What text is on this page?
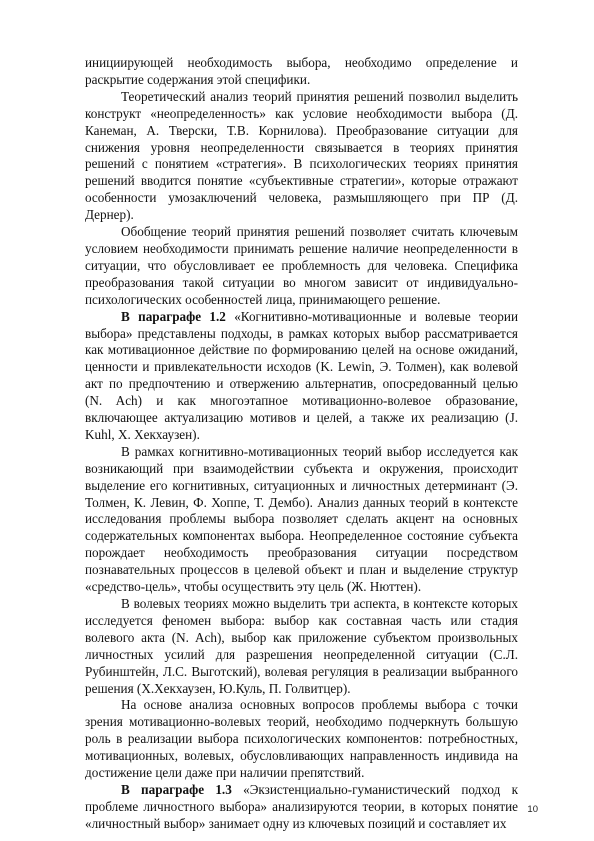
инициирующей необходимость выбора, необходимо определение и раскрытие содержания этой специфики.

Теоретический анализ теорий принятия решений позволил выделить конструкт «неопределенность» как условие необходимости выбора (Д. Канеман, А. Тверски, Т.В. Корнилова). Преобразование ситуации для снижения уровня неопределенности связывается в теориях принятия решений с понятием «стратегия». В психологических теориях принятия решений вводится понятие «субъективные стратегии», которые отражают особенности умозаключений человека, размышляющего при ПР (Д. Дернер).

Обобщение теорий принятия решений позволяет считать ключевым условием необходимости принимать решение наличие неопределенности в ситуации, что обусловливает ее проблемность для человека. Специфика преобразования такой ситуации во многом зависит от индивидуально-психологических особенностей лица, принимающего решение.

В параграфе 1.2 «Когнитивно-мотивационные и волевые теории выбора» представлены подходы, в рамках которых выбор рассматривается как мотивационное действие по формированию целей на основе ожиданий, ценности и привлекательности исходов (K. Lewin, Э. Толмен), как волевой акт по предпочтению и отвержению альтернатив, опосредованный целью (N. Ach) и как многоэтапное мотивационно-волевое образование, включающее актуализацию мотивов и целей, а также их реализацию (J. Kuhl, Х. Хекхаузен).

В рамках когнитивно-мотивационных теорий выбор исследуется как возникающий при взаимодействии субъекта и окружения, происходит выделение его когнитивных, ситуационных и личностных детерминант (Э. Толмен, К. Левин, Ф. Хоппе, Т. Дембо). Анализ данных теорий в контексте исследования проблемы выбора позволяет сделать акцент на основных содержательных компонентах выбора. Неопределенное состояние субъекта порождает необходимость преобразования ситуации посредством познавательных процессов в целевой объект и план и выделение структур «средство-цель», чтобы осуществить эту цель (Ж. Нюттен).

В волевых теориях можно выделить три аспекта, в контексте которых исследуется феномен выбора: выбор как составная часть или стадия волевого акта (N. Ach), выбор как приложение субъектом произвольных личностных усилий для разрешения неопределенной ситуации (С.Л. Рубинштейн, Л.С. Выготский), волевая регуляция в реализации выбранного решения (Х.Хекхаузен, Ю.Куль, П. Голвитцер).

На основе анализа основных вопросов проблемы выбора с точки зрения мотивационно-волевых теорий, необходимо подчеркнуть большую роль в реализации выбора психологических компонентов: потребностных, мотивационных, волевых, обусловливающих направленность индивида на достижение цели даже при наличии препятствий.

В параграфе 1.3 «Экзистенциально-гуманистический подход к проблеме личностного выбора» анализируются теории, в которых понятие «личностный выбор» занимает одну из ключевых позиций и составляет их

10
